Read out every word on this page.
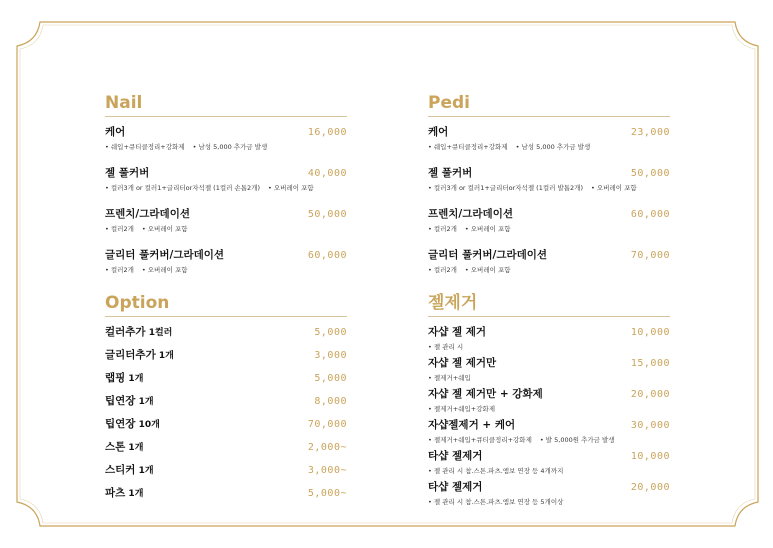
Nail
케어	16,000
• 쉐입+큐티클정리+강화제 • 남성 5,000 추가금 발생
젤 풀커버	40,000
• 컬러3개 or 컬러1+글리터or자석젤 (1컬러 손톱2개) • 오버레이 포함
프렌치/그라데이션	50,000
• 컬러2개 • 오버레이 포함
글리터 풀커버/그라데이션	60,000
• 컬러2개 • 오버레이 포함
Option
컬러추가 1컬러	5,000
글리터추가 1개	3,000
랩핑 1개	5,000
팁연장 1개	8,000
팁연장 10개	70,000
스톤 1개	2,000~
스티커 1개	3,000~
파츠 1개	5,000~
Pedi
케어	23,000
• 쉐입+큐티클정리+강화제 • 남성 5,000 추가금 발생
젤 풀커버	50,000
• 컬러3개 or 컬러1+글리터or자석젤 (1컬러 발톱2개) • 오버레이 포함
프렌치/그라데이션	60,000
• 컬러2개 • 오버레이 포함
글리터 풀커버/그라데이션	70,000
• 컬러2개 • 오버레이 포함
젤제거
자샵 젤 제거	10,000
• 젤 관리 시
자샵 젤 제거만	15,000
• 젤제거+쉐입
자샵 젤 제거만 + 강화제	20,000
• 젤제거+쉐입+강화제
자샵젤제거 + 케어	30,000
• 젤제거+쉐입+큐티클정리+강화제 • 발 5,000원 추가금 발생
타샵 젤제거	10,000
• 젤 관리 시 참.스톤.파츠.엠보 연장 등 4개까지
타샵 젤제거	20,000
• 젤 관리 시 참.스톤.파츠.엠보 연장 등 5개이상
